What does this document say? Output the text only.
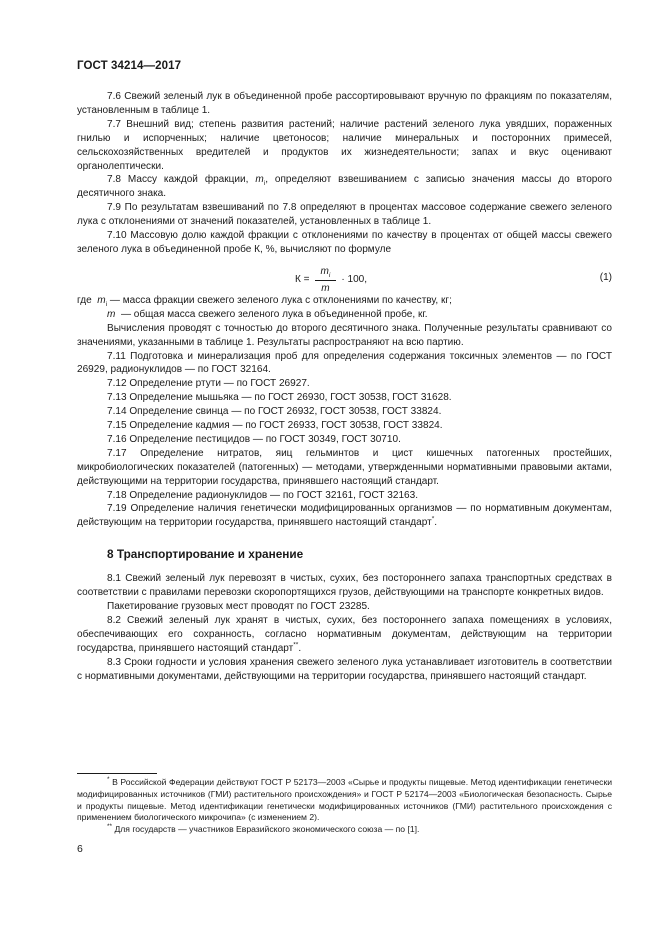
ГОСТ 34214—2017

7.6 Свежий зеленый лук в объединенной пробе рассортировывают вручную по фракциям по показателям, установленным в таблице 1.

7.7 Внешний вид; степень развития растений; наличие растений зеленого лука увядших, пораженных гнилью и испорченных; наличие цветоносов; наличие минеральных и посторонних примесей, сельскохозяйственных вредителей и продуктов их жизнедеятельности; запах и вкус оценивают органолептически.

7.8 Массу каждой фракции, $m_i$, определяют взвешиванием с записью значения массы до второго десятичного знака.

7.9 По результатам взвешиваний по 7.8 определяют в процентах массовое содержание свежего зеленого лука с отклонениями от значений показателей, установленных в таблице 1.

7.10 Массовую долю каждой фракции с отклонениями по качеству в процентах от общей массы свежего зеленого лука в объединенной пробе К, %, вычисляют по формуле

$К = \frac{m_i}{m} \cdot 100$,	(1)

где $m_i$ — масса фракции свежего зеленого лука с отклонениями по качеству, кг;

m — общая масса свежего зеленого лука в объединенной пробе, кг.

Вычисления проводят с точностью до второго десятичного знака. Полученные результаты сравнивают со значениями, указанными в таблице 1. Результаты распространяют на всю партию.

7.11 Подготовка и минерализация проб для определения содержания токсичных элементов — по ГОСТ 26929, радионуклидов — по ГОСТ 32164.

7.12 Определение ртути — по ГОСТ 26927.

7.13 Определение мышьяка — по ГОСТ 26930, ГОСТ 30538, ГОСТ 31628.

7.14 Определение свинца — по ГОСТ 26932, ГОСТ 30538, ГОСТ 33824.

7.15 Определение кадмия — по ГОСТ 26933, ГОСТ 30538, ГОСТ 33824.

7.16 Определение пестицидов — по ГОСТ 30349, ГОСТ 30710.

7.17 Определение нитратов, яиц гельминтов и цист кишечных патогенных простейших, микробиологических показателей (патогенных) — методами, утвержденными нормативными правовыми актами, действующими на территории государства, принявшего настоящий стандарт.

7.18 Определение радионуклидов — по ГОСТ 32161, ГОСТ 32163.

7.19 Определение наличия генетически модифицированных организмов — по нормативным документам, действующим на территории государства, принявшего настоящий стандарт*.

8 Транспортирование и хранение

8.1 Свежий зеленый лук перевозят в чистых, сухих, без постороннего запаха транспортных средствах в соответствии с правилами перевозки скоропортящихся грузов, действующими на транспорте конкретных видов.

Пакетирование грузовых мест проводят по ГОСТ 23285.

8.2 Свежий зеленый лук хранят в чистых, сухих, без постороннего запаха помещениях в условиях, обеспечивающих его сохранность, согласно нормативным документам, действующим на территории государства, принявшего настоящий стандарт**.

8.3 Сроки годности и условия хранения свежего зеленого лука устанавливает изготовитель в соответствии с нормативными документами, действующими на территории государства, принявшего настоящий стандарт.

* В Российской Федерации действуют ГОСТ Р 52173—2003 «Сырье и продукты пищевые. Метод идентификации генетически модифицированных источников (ГМИ) растительного происхождения» и ГОСТ Р 52174—2003 «Биологическая безопасность. Сырье и продукты пищевые. Метод идентификации генетически модифицированных источников (ГМИ) растительного происхождения с применением биологического микрочипа» (с изменением 2).

** Для государств — участников Евразийского экономического союза — по [1].

6
